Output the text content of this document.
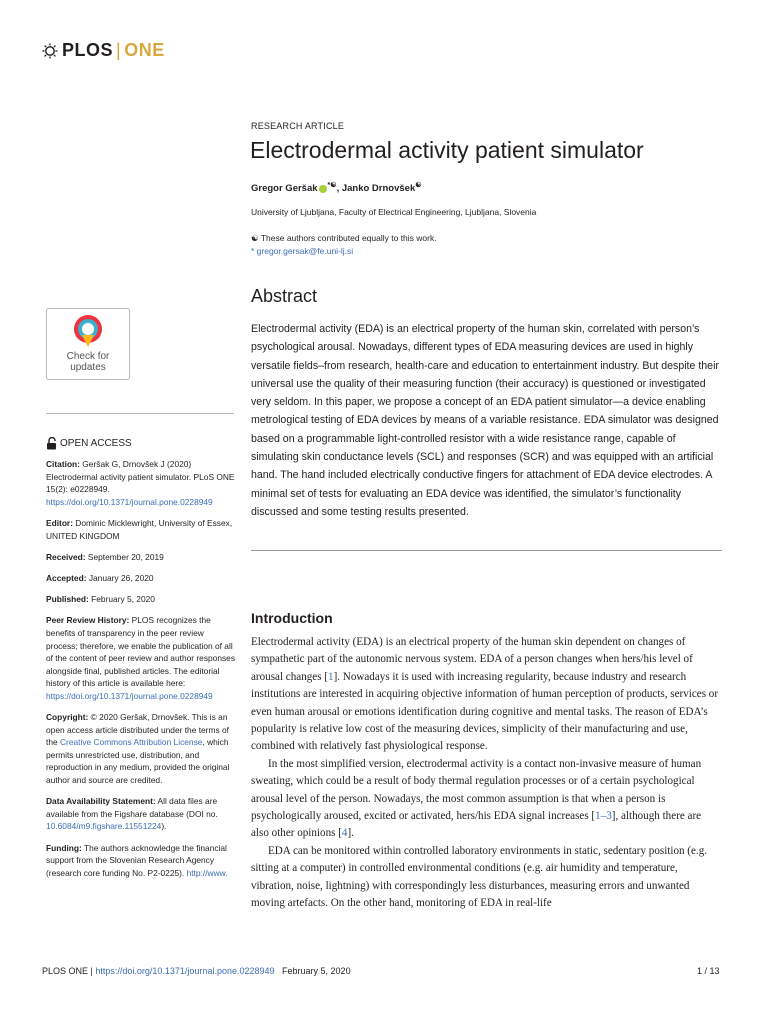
PLOS | ONE
Check for
updates
OPEN ACCESS
Citation: Geršak G, Drnovšek J (2020) Electrodermal activity patient simulator. PLoS ONE 15(2): e0228949. https://doi.org/10.1371/journal.pone.0228949
Editor: Dominic Micklewright, University of Essex, UNITED KINGDOM
Received: September 20, 2019
Accepted: January 26, 2020
Published: February 5, 2020
Peer Review History: PLOS recognizes the benefits of transparency in the peer review process; therefore, we enable the publication of all of the content of peer review and author responses alongside final, published articles. The editorial history of this article is available here: https://doi.org/10.1371/journal.pone.0228949
Copyright: © 2020 Geršak, Drnovšek. This is an open access article distributed under the terms of the Creative Commons Attribution License, which permits unrestricted use, distribution, and reproduction in any medium, provided the original author and source are credited.
Data Availability Statement: All data files are available from the Figshare database (DOI no. 10.6084/m9.figshare.11551224).
Funding: The authors acknowledge the financial support from the Slovenian Research Agency (research core funding No. P2-0225). http://www.
RESEARCH ARTICLE
Electrodermal activity patient simulator
Gregor Geršak *☯, Janko Drnovšek☯
University of Ljubljana, Faculty of Electrical Engineering, Ljubljana, Slovenia
☯ These authors contributed equally to this work.
* gregor.gersak@fe.uni-lj.si
Abstract
Electrodermal activity (EDA) is an electrical property of the human skin, correlated with person’s psychological arousal. Nowadays, different types of EDA measuring devices are used in highly versatile fields–from research, health-care and education to entertainment industry. But despite their universal use the quality of their measuring function (their accuracy) is questioned or investigated very seldom. In this paper, we propose a concept of an EDA patient simulator—a device enabling metrological testing of EDA devices by means of a variable resistance. EDA simulator was designed based on a programmable light-controlled resistor with a wide resistance range, capable of simulating skin conductance levels (SCL) and responses (SCR) and was equipped with an artificial hand. The hand included electrically conductive fingers for attachment of EDA device electrodes. A minimal set of tests for evaluating an EDA device was identified, the simulator’s functionality discussed and some testing results presented.
Introduction

Electrodermal activity (EDA) is an electrical property of the human skin dependent on changes of sympathetic part of the autonomic nervous system. EDA of a person changes when hers/his level of arousal changes [1]. Nowadays it is used with increasing regularity, because industry and research institutions are interested in acquiring objective information of human perception of products, services or even human arousal or emotions identification during cognitive and mental tasks. The reason of EDA’s popularity is relative low cost of the measuring devices, simplicity of their manufacturing and use, combined with relatively fast physiological response.

In the most simplified version, electrodermal activity is a contact non-invasive measure of human sweating, which could be a result of body thermal regulation processes or of a certain psychological arousal level of the person. Nowadays, the most common assumption is that when a person is psychologically aroused, excited or activated, hers/his EDA signal increases [1–3], although there are also other opinions [4].

EDA can be monitored within controlled laboratory environments in static, sedentary position (e.g. sitting at a computer) in controlled environmental conditions (e.g. air humidity and temperature, vibration, noise, lightning) with correspondingly less disturbances, measuring errors and unwanted moving artefacts. On the other hand, monitoring of EDA in real-life

PLOS ONE | https://doi.org/10.1371/journal.pone.0228949 February 5, 2020	1 / 13
